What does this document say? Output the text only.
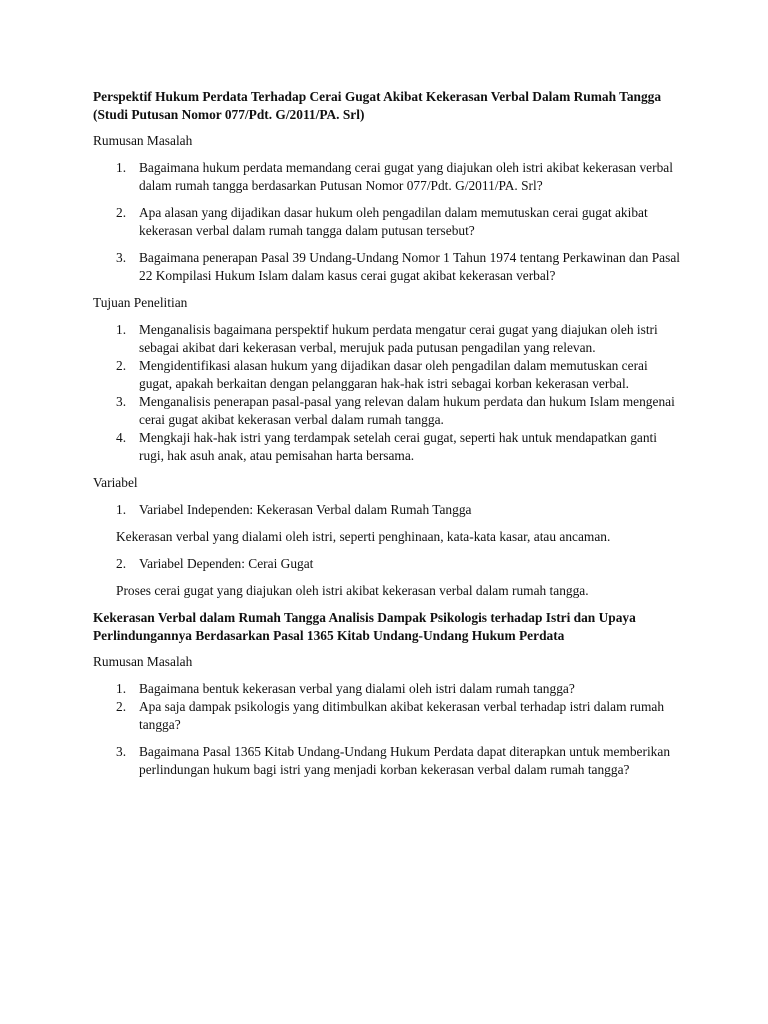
Perspektif Hukum Perdata Terhadap Cerai Gugat Akibat Kekerasan Verbal Dalam Rumah Tangga (Studi Putusan Nomor 077/Pdt. G/2011/PA. Srl)

Rumusan Masalah

1. Bagaimana hukum perdata memandang cerai gugat yang diajukan oleh istri akibat kekerasan verbal dalam rumah tangga berdasarkan Putusan Nomor 077/Pdt. G/2011/PA. Srl?
2. Apa alasan yang dijadikan dasar hukum oleh pengadilan dalam memutuskan cerai gugat akibat kekerasan verbal dalam rumah tangga dalam putusan tersebut?
3. Bagaimana penerapan Pasal 39 Undang-Undang Nomor 1 Tahun 1974 tentang Perkawinan dan Pasal 22 Kompilasi Hukum Islam dalam kasus cerai gugat akibat kekerasan verbal?

Tujuan Penelitian

1. Menganalisis bagaimana perspektif hukum perdata mengatur cerai gugat yang diajukan oleh istri sebagai akibat dari kekerasan verbal, merujuk pada putusan pengadilan yang relevan.
2. Mengidentifikasi alasan hukum yang dijadikan dasar oleh pengadilan dalam memutuskan cerai gugat, apakah berkaitan dengan pelanggaran hak-hak istri sebagai korban kekerasan verbal.
3. Menganalisis penerapan pasal-pasal yang relevan dalam hukum perdata dan hukum Islam mengenai cerai gugat akibat kekerasan verbal dalam rumah tangga.
4. Mengkaji hak-hak istri yang terdampak setelah cerai gugat, seperti hak untuk mendapatkan ganti rugi, hak asuh anak, atau pemisahan harta bersama.

Variabel

1. Variabel Independen: Kekerasan Verbal dalam Rumah Tangga

Kekerasan verbal yang dialami oleh istri, seperti penghinaan, kata-kata kasar, atau ancaman.

2. Variabel Dependen: Cerai Gugat

Proses cerai gugat yang diajukan oleh istri akibat kekerasan verbal dalam rumah tangga.

Kekerasan Verbal dalam Rumah Tangga Analisis Dampak Psikologis terhadap Istri dan Upaya Perlindungannya Berdasarkan Pasal 1365 Kitab Undang-Undang Hukum Perdata

Rumusan Masalah

1. Bagaimana bentuk kekerasan verbal yang dialami oleh istri dalam rumah tangga?
2. Apa saja dampak psikologis yang ditimbulkan akibat kekerasan verbal terhadap istri dalam rumah tangga?
3. Bagaimana Pasal 1365 Kitab Undang-Undang Hukum Perdata dapat diterapkan untuk memberikan perlindungan hukum bagi istri yang menjadi korban kekerasan verbal dalam rumah tangga?
